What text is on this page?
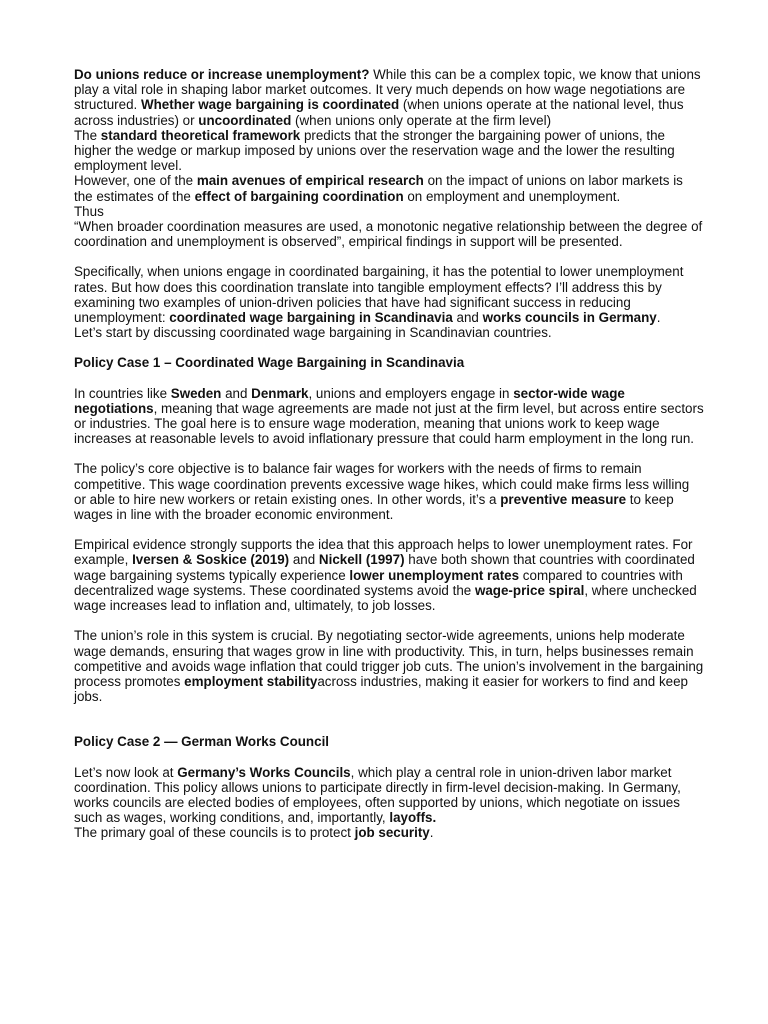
Do unions reduce or increase unemployment? While this can be a complex topic, we know that unions play a vital role in shaping labor market outcomes. It very much depends on how wage negotiations are structured. Whether wage bargaining is coordinated (when unions operate at the national level, thus across industries) or uncoordinated (when unions only operate at the firm level)

The standard theoretical framework predicts that the stronger the bargaining power of unions, the higher the wedge or markup imposed by unions over the reservation wage and the lower the resulting employment level.

However, one of the main avenues of empirical research on the impact of unions on labor markets is the estimates of the effect of bargaining coordination on employment and unemployment.

Thus

“When broader coordination measures are used, a monotonic negative relationship between the degree of coordination and unemployment is observed”, empirical findings in support will be presented.

Specifically, when unions engage in coordinated bargaining, it has the potential to lower unemployment rates. But how does this coordination translate into tangible employment effects? I’ll address this by examining two examples of union-driven policies that have had significant success in reducing unemployment: coordinated wage bargaining in Scandinavia and works councils in Germany.

Let’s start by discussing coordinated wage bargaining in Scandinavian countries.

Policy Case 1 – Coordinated Wage Bargaining in Scandinavia

In countries like Sweden and Denmark, unions and employers engage in sector-wide wage negotiations, meaning that wage agreements are made not just at the firm level, but across entire sectors or industries. The goal here is to ensure wage moderation, meaning that unions work to keep wage increases at reasonable levels to avoid inflationary pressure that could harm employment in the long run.

The policy’s core objective is to balance fair wages for workers with the needs of firms to remain competitive. This wage coordination prevents excessive wage hikes, which could make firms less willing or able to hire new workers or retain existing ones. In other words, it’s a preventive measure to keep wages in line with the broader economic environment.

Empirical evidence strongly supports the idea that this approach helps to lower unemployment rates. For example, Iversen & Soskice (2019) and Nickell (1997) have both shown that countries with coordinated wage bargaining systems typically experience lower unemployment rates compared to countries with decentralized wage systems. These coordinated systems avoid the wage-price spiral, where unchecked wage increases lead to inflation and, ultimately, to job losses.

The union’s role in this system is crucial. By negotiating sector-wide agreements, unions help moderate wage demands, ensuring that wages grow in line with productivity. This, in turn, helps businesses remain competitive and avoids wage inflation that could trigger job cuts. The union’s involvement in the bargaining process promotes employment stabilityacross industries, making it easier for workers to find and keep jobs.

Policy Case 2 — German Works Council

Let’s now look at Germany’s Works Councils, which play a central role in union-driven labor market coordination. This policy allows unions to participate directly in firm-level decision-making. In Germany, works councils are elected bodies of employees, often supported by unions, which negotiate on issues such as wages, working conditions, and, importantly, layoffs.

The primary goal of these councils is to protect job security.
